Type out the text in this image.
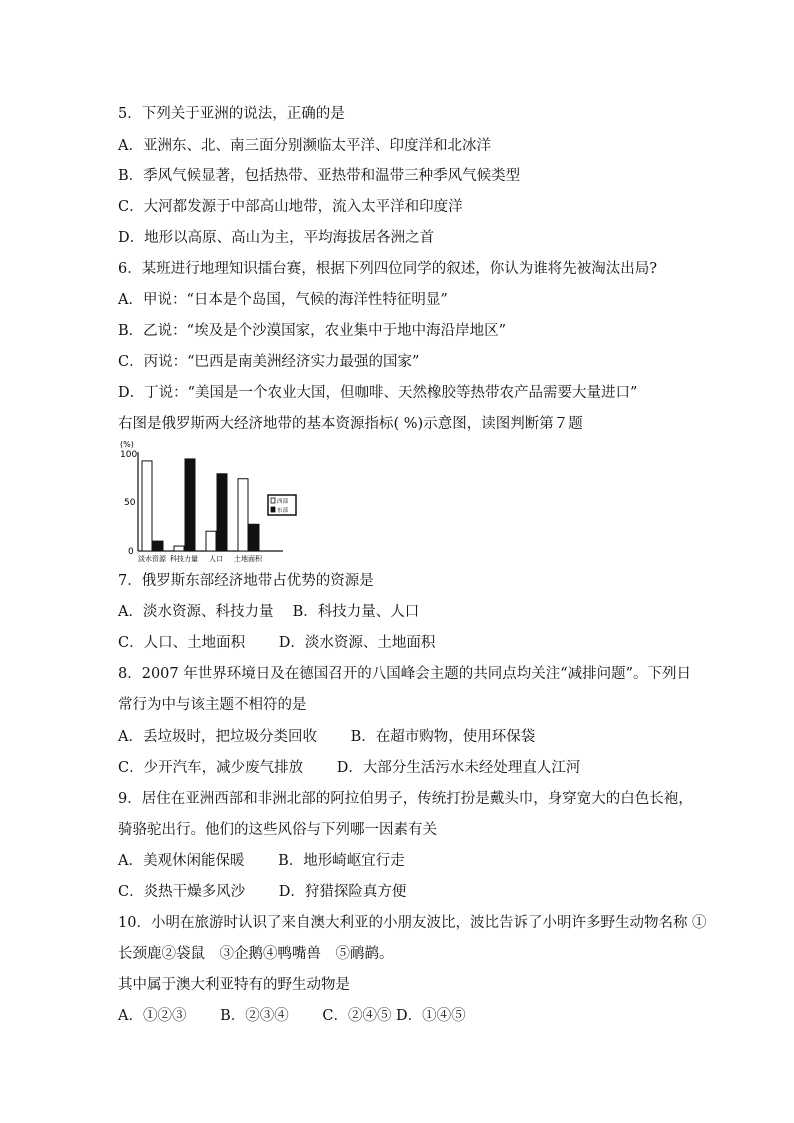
5．下列关于亚洲的说法，正确的是
A．亚洲东、北、南三面分别濒临太平洋、印度洋和北冰洋
B．季风气候显著，包括热带、亚热带和温带三种季风气候类型
C．大河都发源于中部高山地带，流入太平洋和印度洋
D．地形以高原、高山为主，平均海拔居各洲之首
6．某班进行地理知识擂台赛，根据下列四位同学的叙述，你认为谁将先被淘汰出局?
A．甲说：“日本是个岛国，气候的海洋性特征明显”
B．乙说：“埃及是个沙漠国家，农业集中于地中海沿岸地区”
C．丙说：“巴西是南美洲经济实力最强的国家”
D．丁说：“美国是一个农业大国，但咖啡、天然橡胶等热带农产品需要大量进口”
右图是俄罗斯两大经济地带的基本资源指标( %)示意图，读图判断第７题
(%)
100
50
0
淡水资源 科技力量 人口 土地面积
西部
东部
7．俄罗斯东部经济地带占优势的资源是
A．淡水资源、科技力量　 B．科技力量、人口
C．人口、土地面积　 　D．淡水资源、土地面积
8．2007 年世界环境日及在德国召开的八国峰会主题的共同点均关注“减排问题”。下列日
常行为中与该主题不相符的是
A．丢垃圾时，把垃圾分类回收　 　B．在超市购物，使用环保袋
C．少开汽车，减少废气排放　 　D．大部分生活污水未经处理直人江河
9．居住在亚洲西部和非洲北部的阿拉伯男子，传统打扮是戴头巾，身穿宽大的白色长袍，
骑骆驼出行。他们的这些风俗与下列哪一因素有关
A．美观休闲能保暖　 　B．地形崎岖宜行走
C．炎热干燥多风沙　 　D．狩猎探险真方便
10．小明在旅游时认识了来自澳大利亚的小朋友波比，波比告诉了小明许多野生动物名称 ①
长颈鹿②袋鼠　③企鹅④鸭嘴兽　⑤鸸鹋。
其中属于澳大利亚特有的野生动物是
A．①②③　 　B．②③④　 　C．②④⑤ D．①④⑤
